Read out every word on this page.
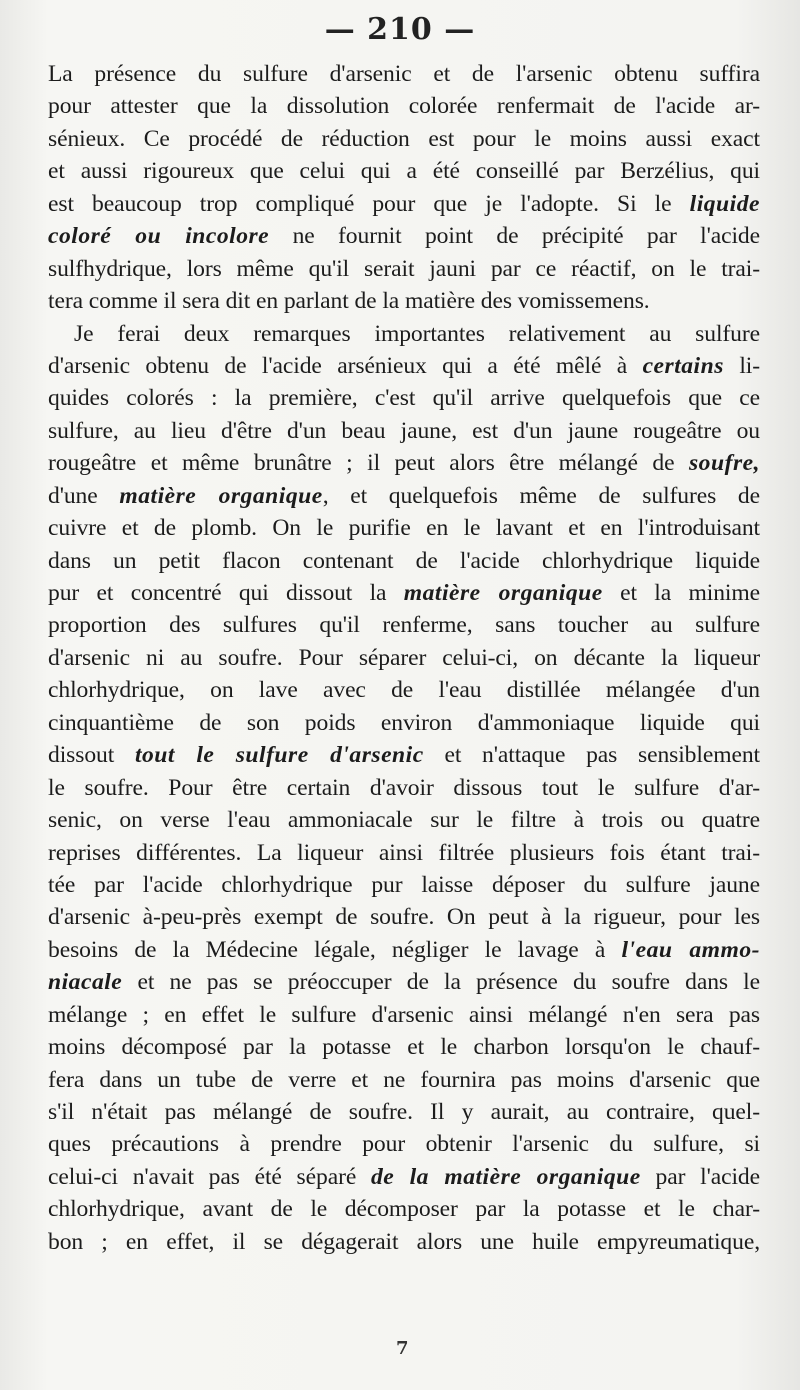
— 210 —
La présence du sulfure d'arsenic et de l'arsenic obtenu suffira
pour attester que la dissolution colorée renfermait de l'acide ar-
sénieux. Ce procédé de réduction est pour le moins aussi exact
et aussi rigoureux que celui qui a été conseillé par Berzélius, qui
est beaucoup trop compliqué pour que je l'adopte. Si le liquide
coloré ou incolore ne fournit point de précipité par l'acide
sulfhydrique, lors même qu'il serait jauni par ce réactif, on le trai-
tera comme il sera dit en parlant de la matière des vomissemens.
Je ferai deux remarques importantes relativement au sulfure
d'arsenic obtenu de l'acide arsénieux qui a été mêlé à certains li-
quides colorés : la première, c'est qu'il arrive quelquefois que ce
sulfure, au lieu d'être d'un beau jaune, est d'un jaune rougeâtre ou
rougeâtre et même brunâtre ; il peut alors être mélangé de soufre,
d'une matière organique, et quelquefois même de sulfures de
cuivre et de plomb. On le purifie en le lavant et en l'introduisant
dans un petit flacon contenant de l'acide chlorhydrique liquide
pur et concentré qui dissout la matière organique et la minime
proportion des sulfures qu'il renferme, sans toucher au sulfure
d'arsenic ni au soufre. Pour séparer celui-ci, on décante la liqueur
chlorhydrique, on lave avec de l'eau distillée mélangée d'un
cinquantième de son poids environ d'ammoniaque liquide qui
dissout tout le sulfure d'arsenic et n'attaque pas sensiblement
le soufre. Pour être certain d'avoir dissous tout le sulfure d'ar-
senic, on verse l'eau ammoniacale sur le filtre à trois ou quatre
reprises différentes. La liqueur ainsi filtrée plusieurs fois étant trai-
tée par l'acide chlorhydrique pur laisse déposer du sulfure jaune
d'arsenic à-peu-près exempt de soufre. On peut à la rigueur, pour les
besoins de la Médecine légale, négliger le lavage à l'eau ammo-
niacale et ne pas se préoccuper de la présence du soufre dans le
mélange ; en effet le sulfure d'arsenic ainsi mélangé n'en sera pas
moins décomposé par la potasse et le charbon lorsqu'on le chauf-
fera dans un tube de verre et ne fournira pas moins d'arsenic que
s'il n'était pas mélangé de soufre. Il y aurait, au contraire, quel-
ques précautions à prendre pour obtenir l'arsenic du sulfure, si
celui-ci n'avait pas été séparé de la matière organique par l'acide
chlorhydrique, avant de le décomposer par la potasse et le char-
bon ; en effet, il se dégagerait alors une huile empyreumatique,
7
